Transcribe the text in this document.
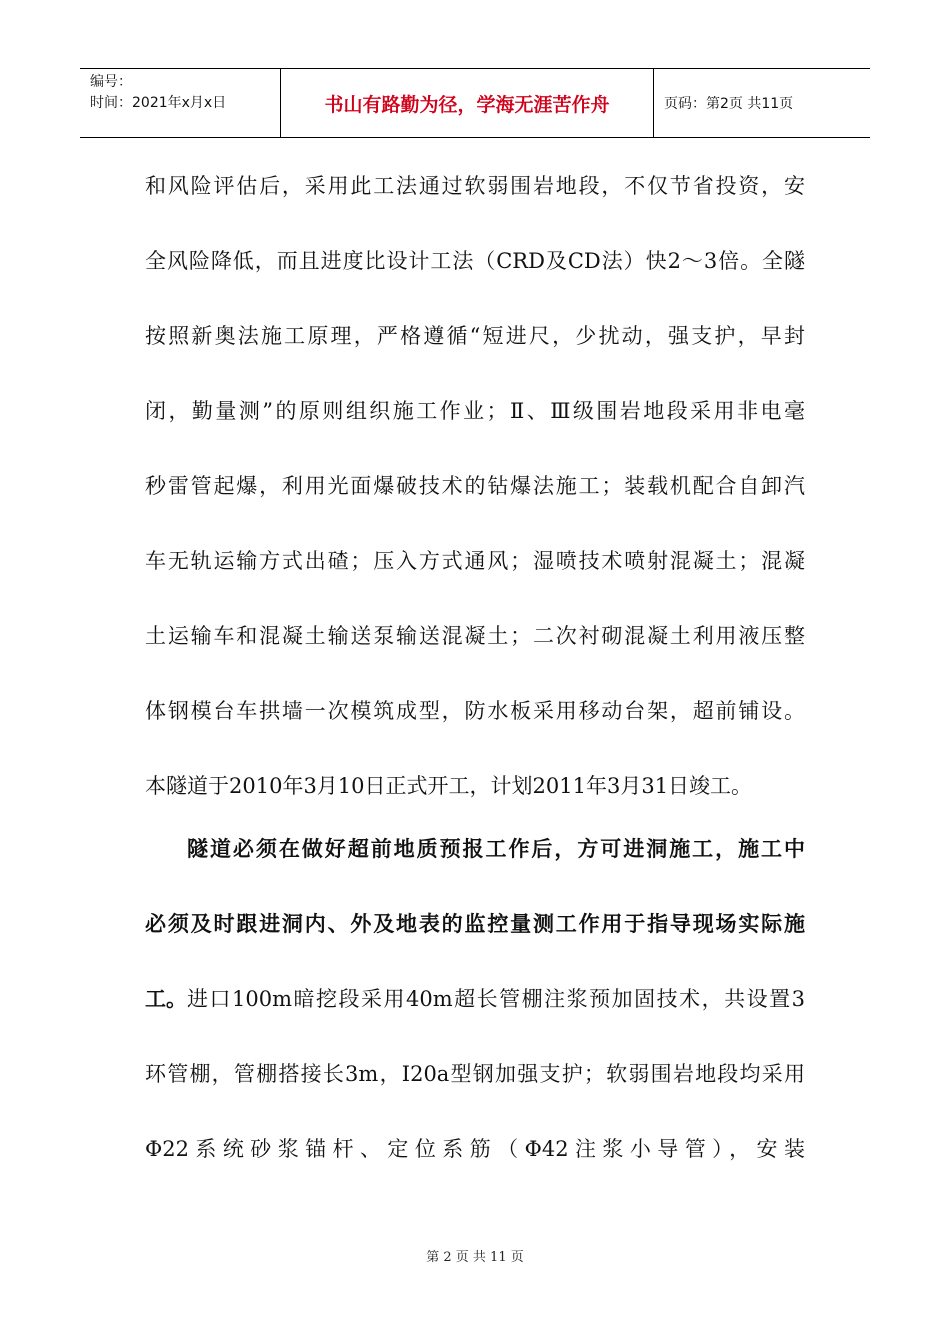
编号：
时间：2021年x月x日	书山有路勤为径，学海无涯苦作舟	页码：第2页 共11页
和风险评估后，采用此工法通过软弱围岩地段，不仅节省投资，安
全风险降低，而且进度比设计工法（CRD及CD法）快2～3倍。全隧
按照新奥法施工原理，严格遵循“短进尺，少扰动，强支护，早封
闭，勤量测”的原则组织施工作业；Ⅱ、Ⅲ级围岩地段采用非电毫
秒雷管起爆，利用光面爆破技术的钻爆法施工；装载机配合自卸汽
车无轨运输方式出碴；压入方式通风；湿喷技术喷射混凝土；混凝
土运输车和混凝土输送泵输送混凝土；二次衬砌混凝土利用液压整
体钢模台车拱墙一次模筑成型，防水板采用移动台架，超前铺设。
本隧道于2010年3月10日正式开工，计划2011年3月31日竣工。
隧道必须在做好超前地质预报工作后，方可进洞施工，施工中
必须及时跟进洞内、外及地表的监控量测工作用于指导现场实际施
工。 进口100m暗挖段采用40m超长管棚注浆预加固技术，共设置3
环管棚，管棚搭接长3m，I20a型钢加强支护；软弱围岩地段均采用
Φ22系统砂浆锚杆、定位系筋（Φ42注浆小导管），安装
第 2 页 共 11 页
